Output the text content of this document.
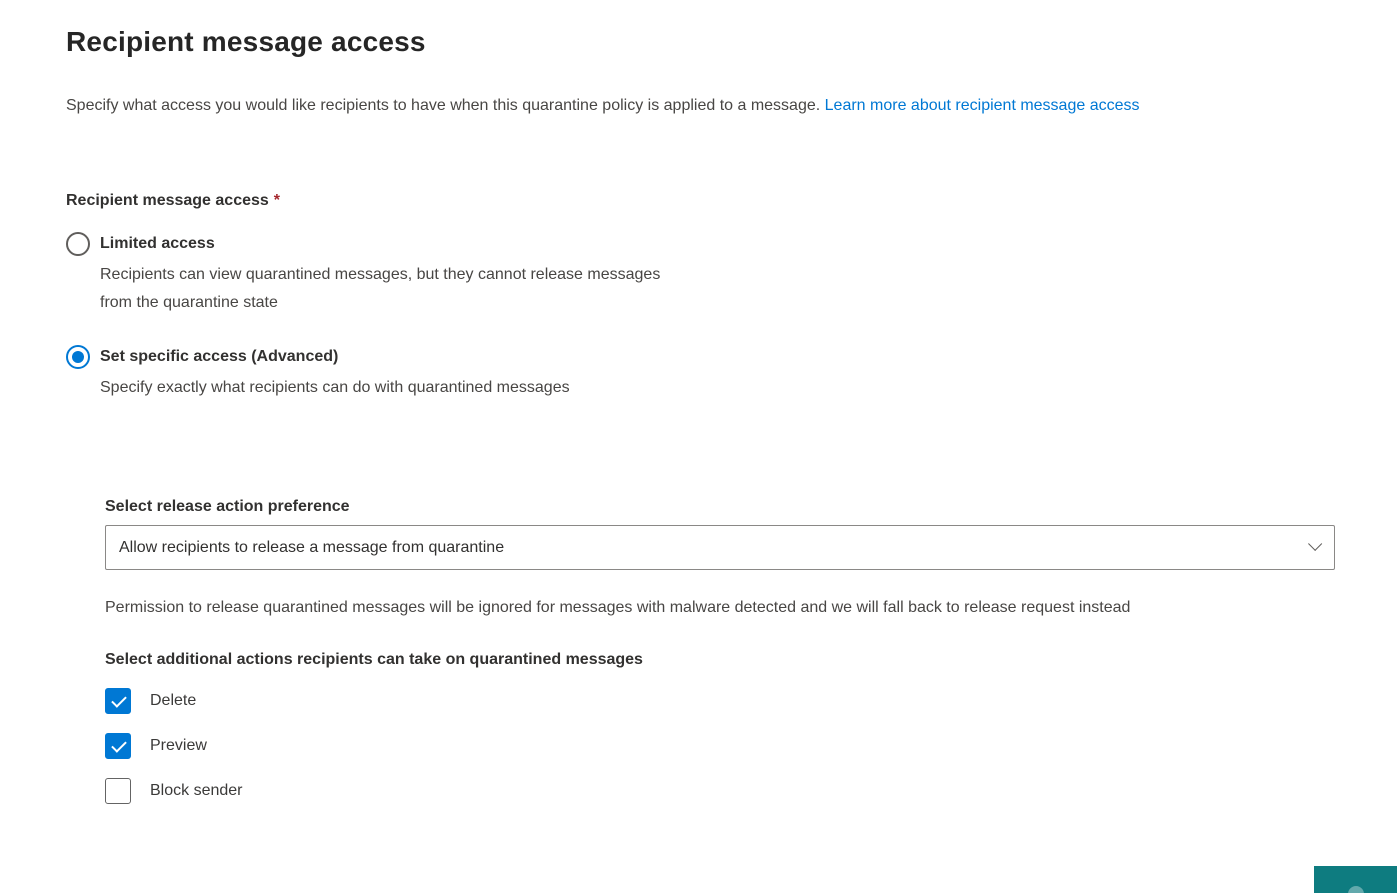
Recipient message access

Specify what access you would like recipients to have when this quarantine policy is applied to a message. Learn more about recipient message access

Recipient message access *
Limited access
Recipients can view quarantined messages, but they cannot release messages from the quarantine state
Set specific access (Advanced)
Specify exactly what recipients can do with quarantined messages
Select release action preference
Allow recipients to release a message from quarantine

Permission to release quarantined messages will be ignored for messages with malware detected and we will fall back to release request instead

Select additional actions recipients can take on quarantined messages
Delete
Preview
Block sender
